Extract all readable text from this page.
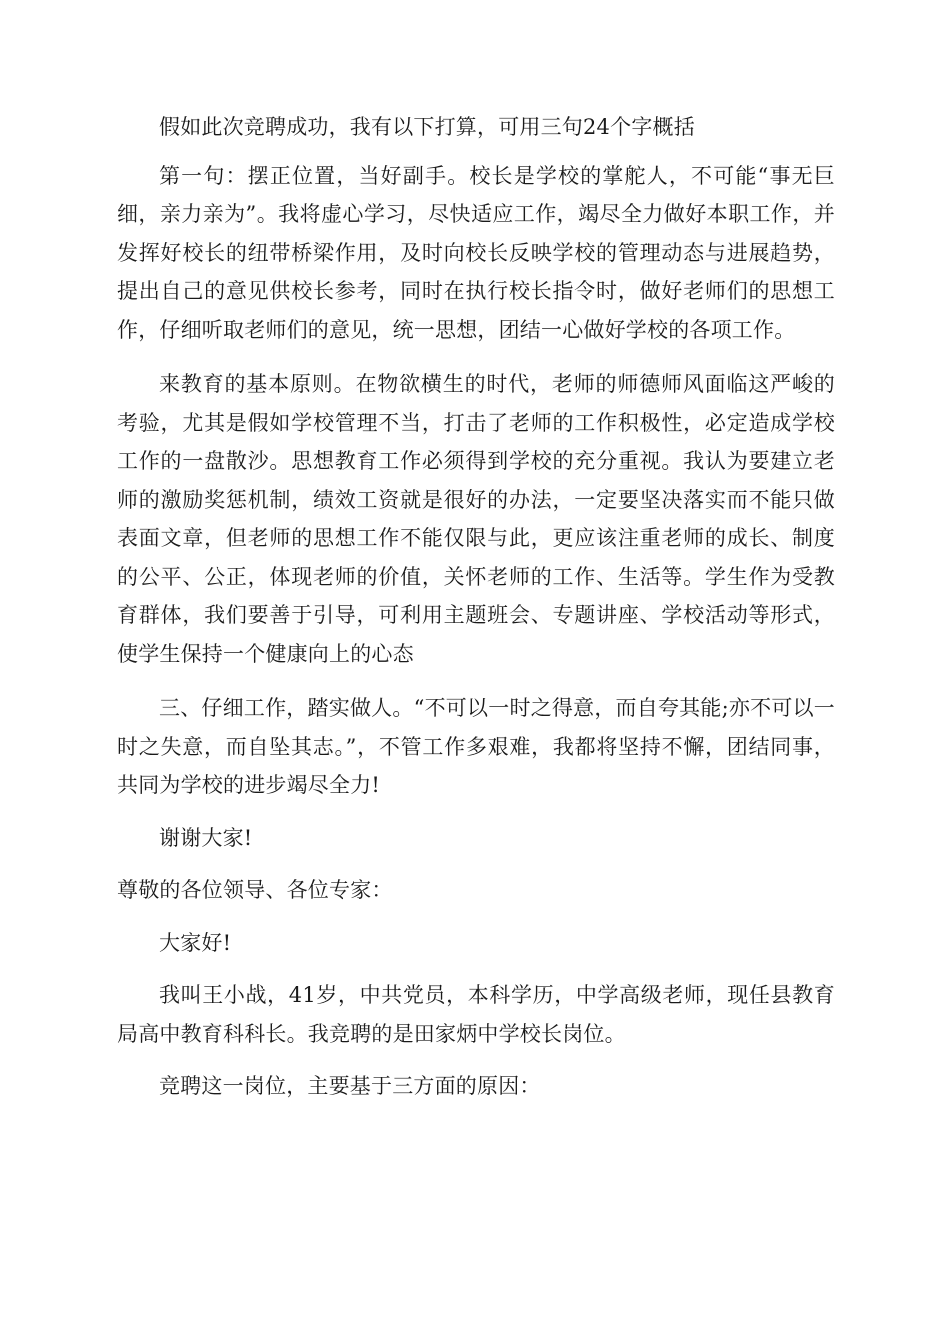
假如此次竞聘成功，我有以下打算，可用三句24个字概括

第一句：摆正位置，当好副手。校长是学校的掌舵人，不可能“事无巨细，亲力亲为”。我将虚心学习，尽快适应工作，竭尽全力做好本职工作，并发挥好校长的纽带桥梁作用，及时向校长反映学校的管理动态与进展趋势，提出自己的意见供校长参考，同时在执行校长指令时，做好老师们的思想工作，仔细听取老师们的意见，统一思想，团结一心做好学校的各项工作。

来教育的基本原则。在物欲横生的时代，老师的师德师风面临这严峻的考验，尤其是假如学校管理不当，打击了老师的工作积极性，必定造成学校工作的一盘散沙。思想教育工作必须得到学校的充分重视。我认为要建立老师的激励奖惩机制，绩效工资就是很好的办法，一定要坚决落实而不能只做表面文章，但老师的思想工作不能仅限与此，更应该注重老师的成长、制度的公平、公正，体现老师的价值，关怀老师的工作、生活等。学生作为受教育群体，我们要善于引导，可利用主题班会、专题讲座、学校活动等形式，使学生保持一个健康向上的心态

三、仔细工作，踏实做人。“不可以一时之得意，而自夸其能;亦不可以一时之失意，而自坠其志。”，不管工作多艰难，我都将坚持不懈，团结同事，共同为学校的进步竭尽全力!

谢谢大家!

尊敬的各位领导、各位专家：

大家好!

我叫王小战，41岁，中共党员，本科学历，中学高级老师，现任县教育局高中教育科科长。我竞聘的是田家炳中学校长岗位。

竞聘这一岗位，主要基于三方面的原因：
